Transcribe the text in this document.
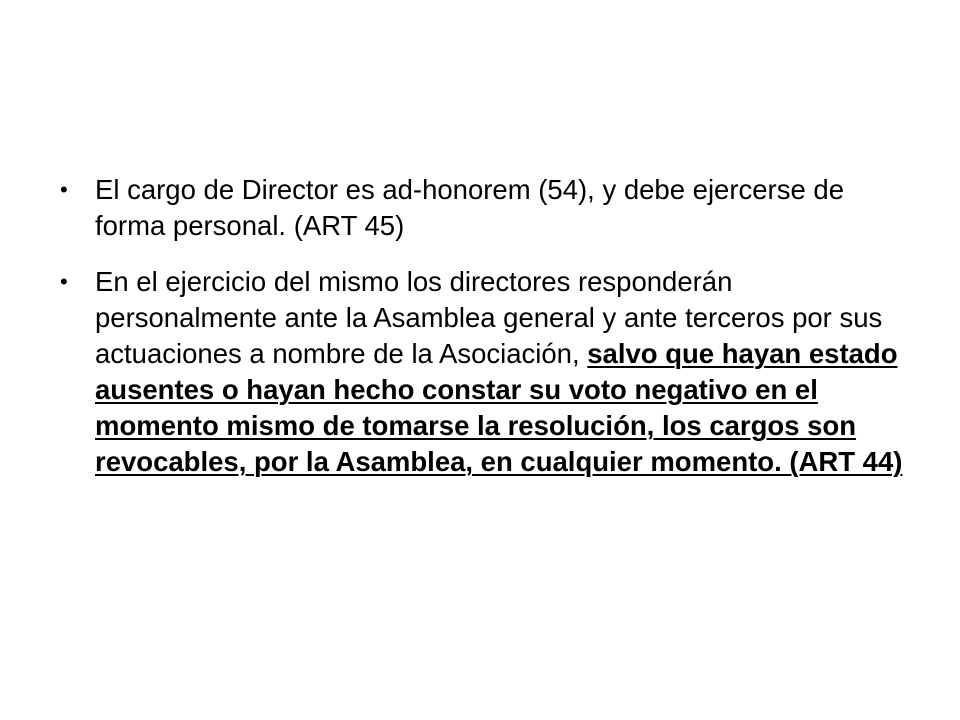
• El cargo de Director es ad-honorem (54), y debe ejercerse de forma personal. (ART 45)
• En el ejercicio del mismo los directores responderán personalmente ante la Asamblea general y ante terceros por sus actuaciones a nombre de la Asociación, salvo que hayan estado ausentes o hayan hecho constar su voto negativo en el momento mismo de tomarse la resolución, los cargos son revocables, por la Asamblea, en cualquier momento. (ART 44)
